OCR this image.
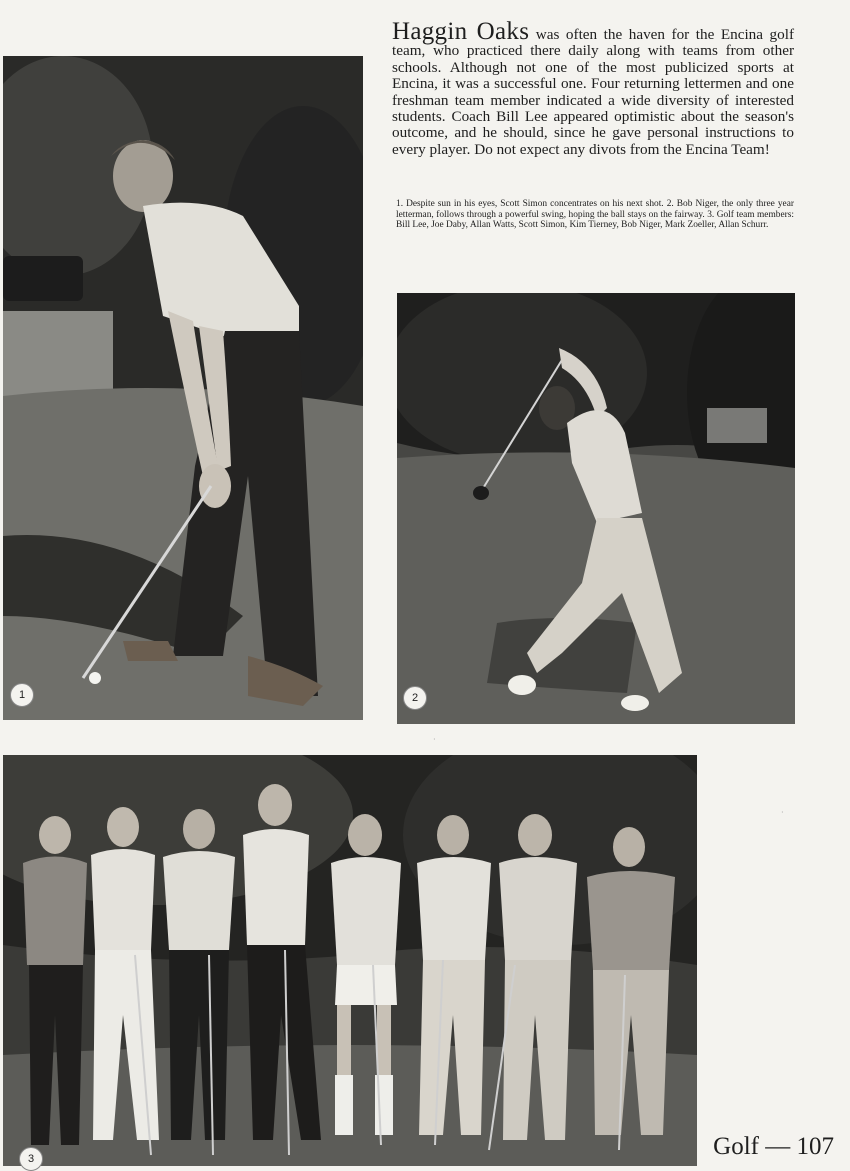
1

Haggin Oaks was often the haven for the Encina golf team, who practiced there daily along with teams from other schools. Although not one of the most publicized sports at Encina, it was a successful one. Four returning lettermen and one freshman team member indicated a wide diversity of interested students. Coach Bill Lee appeared optimistic about the season's outcome, and he should, since he gave personal instructions to every player. Do not expect any divots from the Encina Team!

1. Despite sun in his eyes, Scott Simon concentrates on his next shot. 2. Bob Niger, the only three year letterman, follows through a powerful swing, hoping the ball stays on the fairway. 3. Golf team members: Bill Lee, Joe Daby, Allan Watts, Scott Simon, Kim Tierney, Bob Niger, Mark Zoeller, Allan Schurr.

2
3	Golf — 107

·
·
